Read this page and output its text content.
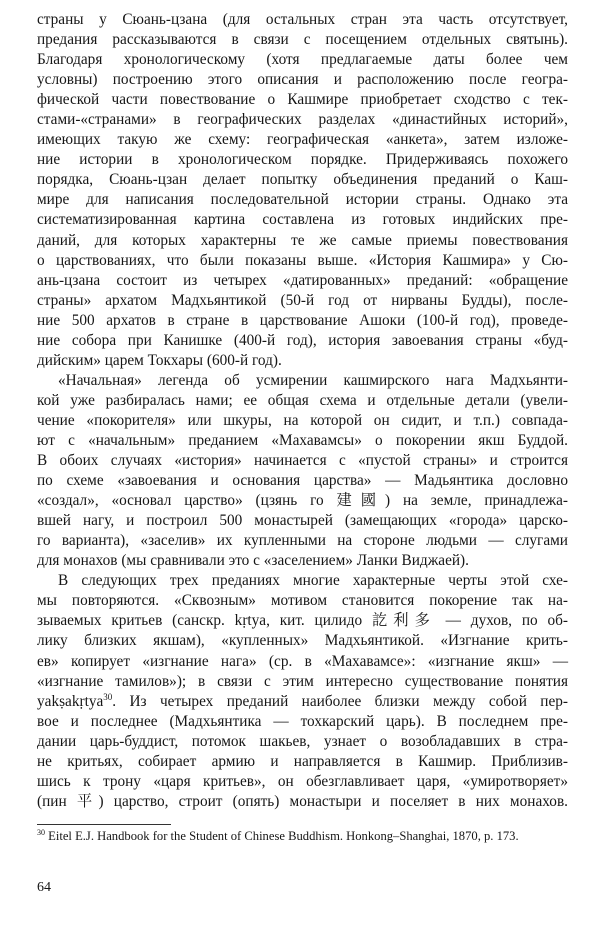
страны у Сюань-цзана (для остальных стран эта часть отсутствует,
предания рассказываются в связи с посещением отдельных святынь).
Благодаря хронологическому (хотя предлагаемые даты более чем
условны) построению этого описания и расположению после геогра-
фической части повествование о Кашмире приобретает сходство с тек-
стами-«странами» в географических разделах «династийных историй»,
имеющих такую же схему: географическая «анкета», затем изложе-
ние истории в хронологическом порядке. Придерживаясь похожего
порядка, Сюань-цзан делает попытку объединения преданий о Каш-
мире для написания последовательной истории страны. Однако эта
систематизированная картина составлена из готовых индийских пре-
даний, для которых характерны те же самые приемы повествования
о царствованиях, что были показаны выше. «История Кашмира» у Сю-
ань-цзана состоит из четырех «датированных» преданий: «обращение
страны» архатом Мадхьянтикой (50-й год от нирваны Будды), после-
ние 500 архатов в стране в царствование Ашоки (100-й год), проведе-
ние собора при Канишке (400-й год), история завоевания страны «буд-
дийским» царем Токхары (600-й год).
«Начальная» легенда об усмирении кашмирского нага Мадхьянти-
кой уже разбиралась нами; ее общая схема и отдельные детали (увели-
чение «покорителя» или шкуры, на которой он сидит, и т.п.) совпада-
ют с «начальным» преданием «Махавамсы» о покорении якш Буддой.
В обоих случаях «история» начинается с «пустой страны» и строится
по схеме «завоевания и основания царства» — Мадьянтика дословно
«создал», «основал царство» (цзянь го 建國) на земле, принадлежа-
вшей нагу, и построил 500 монастырей (замещающих «города» царско-
го варианта), «заселив» их купленными на стороне людьми — слугами
для монахов (мы сравнивали это с «заселением» Ланки Виджаей).
В следующих трех преданиях многие характерные черты этой схе-
мы повторяются. «Сквозным» мотивом становится покорение так на-
зываемых критьев (санскр. kṛtya, кит. цилидо 訖利多 — духов, по об-
лику близких якшам), «купленных» Мадхьянтикой. «Изгнание крить-
ев» копирует «изгнание нага» (ср. в «Махавамсе»: «изгнание якш» —
«изгнание тамилов»); в связи с этим интересно существование понятия
yakṣakṛtya$^{30}$. Из четырех преданий наиболее близки между собой пер-
вое и последнее (Мадхьянтика — тохкарский царь). В последнем пре-
дании царь-буддист, потомок шакьев, узнает о возобладавших в стра-
не критьях, собирает армию и направляется в Кашмир. Приблизив-
шись к трону «царя критьев», он обезглавливает царя, «умиротворяет»
(пин 平) царство, строит (опять) монастыри и поселяет в них монахов.

$^{30}$ Eitel E.J. Handbook for the Student of Chinese Buddhism. Honkong–Shanghai, 1870, p. 173.

64
